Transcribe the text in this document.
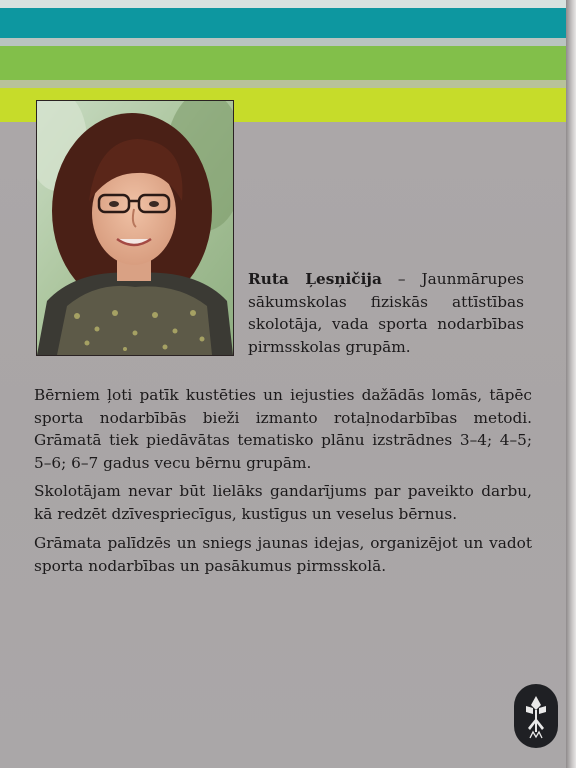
Ruta Ļesņičija – Jaunmārupes sākumskolas fiziskās attīstības skolotāja, vada sporta nodarbības pirmsskolas grupām.

Bērniem ļoti patīk kustēties un iejusties dažādās lomās, tāpēc sporta nodarbībās bieži izmanto rotaļnodarbības metodi. Grāmatā tiek piedāvātas tematisko plānu izstrādnes 3–4; 4–5; 5–6; 6–7 gadus vecu bērnu grupām.

Skolotājam nevar būt lielāks gandarījums par paveikto darbu, kā redzēt dzīvespriecīgus, kustīgus un veselus bērnus.

Grāmata palīdzēs un sniegs jaunas idejas, organizējot un vadot sporta nodarbības un pasākumus pirmsskolā.
